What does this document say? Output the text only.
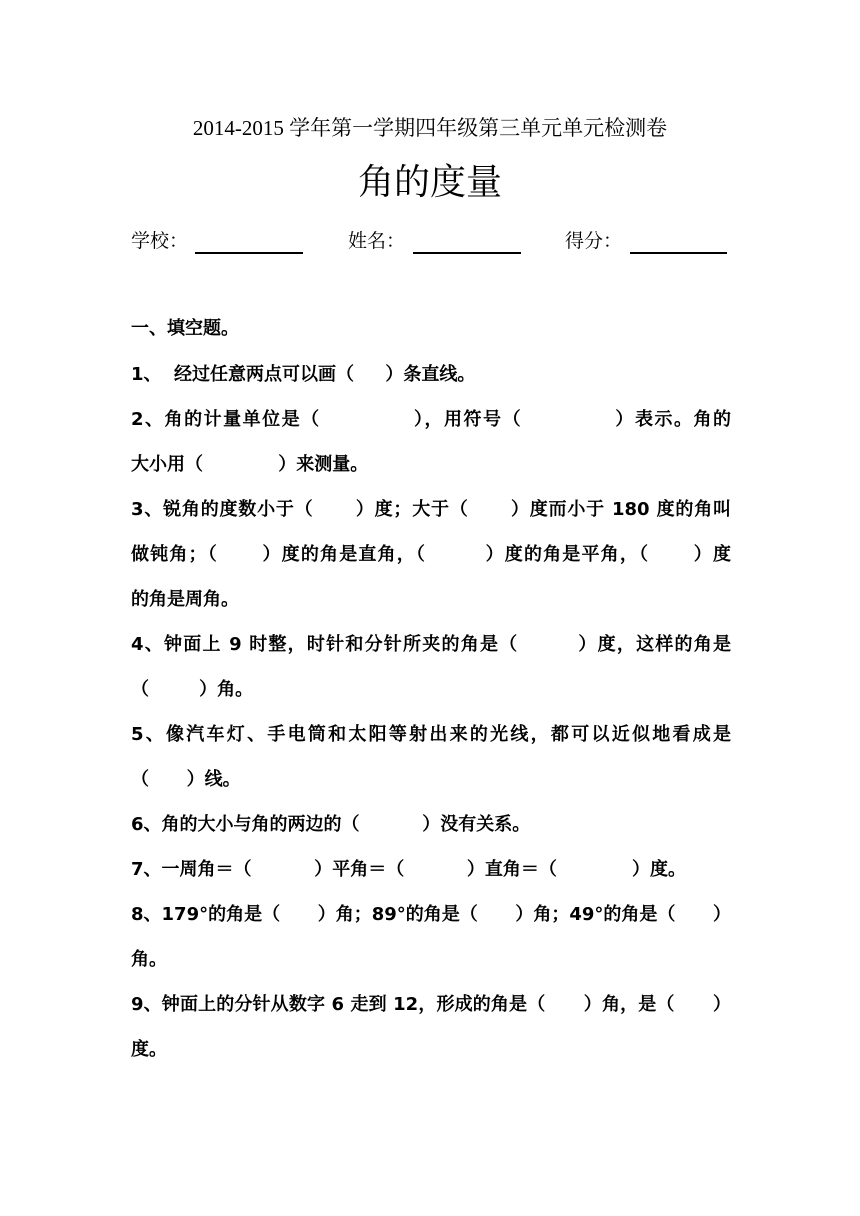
2014-2015 学年第一学期四年级第三单元单元检测卷
角的度量
学校：	姓名：	得分：
一、填空题。
1、  经过任意两点可以画（     ）条直线。
2、角的计量单位是（            ），用符号（            ）表示。角的
大小用（            ）来测量。
3、锐角的度数小于（      ）度；大于（      ）度而小于 180 度的角叫
做钝角；（      ）度的角是直角，（        ）度的角是平角，（      ）度
的角是周角。
4、钟面上 9 时整，时针和分针所夹的角是（        ）度，这样的角是
（        ）角。
5、像汽车灯、手电筒和太阳等射出来的光线，都可以近似地看成是
（      ）线。
6、角的大小与角的两边的（          ）没有关系。
7、一周角＝（          ）平角＝（          ）直角＝（            ）度。
8、179°的角是（      ）角；89°的角是（      ）角；49°的角是（      ）
角。
9、钟面上的分针从数字 6 走到 12，形成的角是（      ）角，是（      ）
度。
